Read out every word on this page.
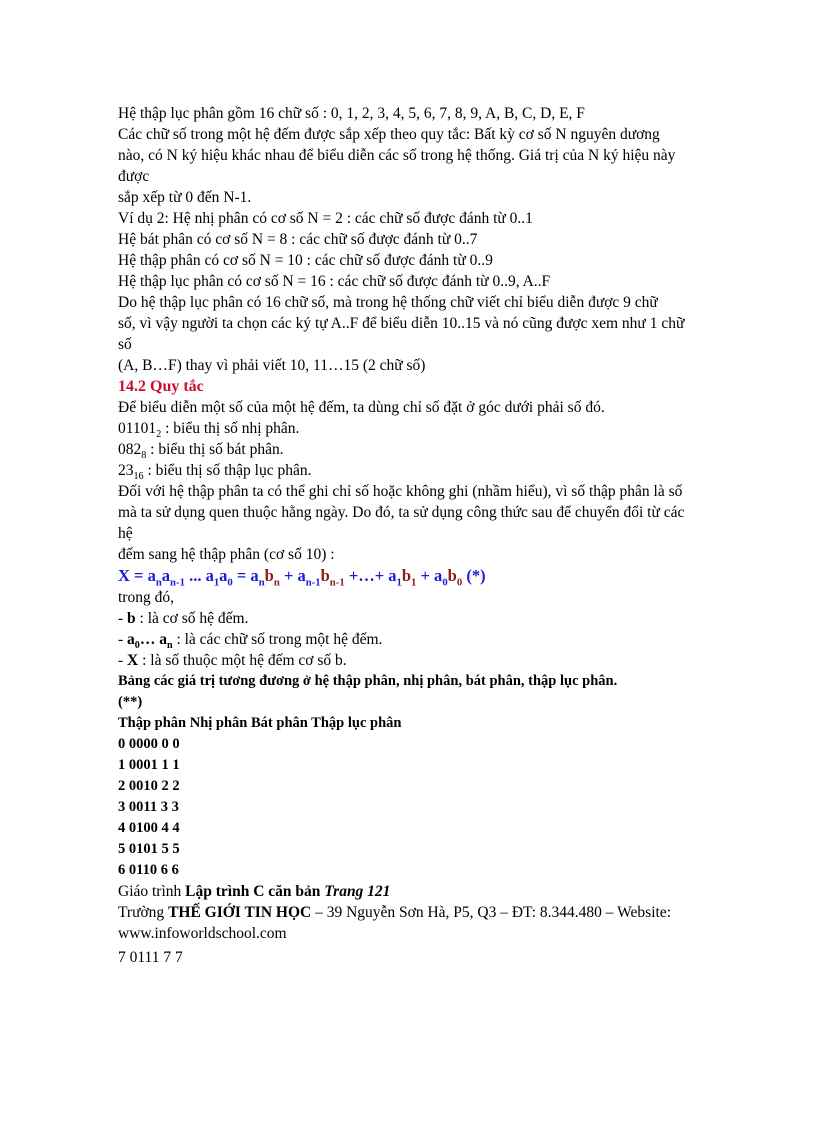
Hệ thập lục phân gồm 16 chữ số : 0, 1, 2, 3, 4, 5, 6, 7, 8, 9, A, B, C, D, E, F

Các chữ số trong một hệ đếm được sắp xếp theo quy tắc: Bất kỳ cơ số N nguyên dương

nào, có N ký hiệu khác nhau để biểu diễn các số trong hệ thống. Giá trị của N ký hiệu này được

sắp xếp từ 0 đến N-1.

Ví dụ 2: Hệ nhị phân có cơ số N = 2 : các chữ số được đánh từ 0..1

Hệ bát phân có cơ số N = 8 : các chữ số được đánh từ 0..7

Hệ thập phân có cơ số N = 10 : các chữ số được đánh từ 0..9

Hệ thập lục phân có cơ số N = 16 : các chữ số được đánh từ 0..9, A..F

Do hệ thập lục phân có 16 chữ số, mà trong hệ thống chữ viết chỉ biểu diễn được 9 chữ

số, vì vậy người ta chọn các ký tự A..F để biểu diễn 10..15 và nó cũng được xem như 1 chữ số

(A, B…F) thay vì phải viết 10, 11…15 (2 chữ số)

14.2 Quy tắc

Để biểu diễn một số của một hệ đếm, ta dùng chỉ số đặt ở góc dưới phải số đó.

$01101_2$ : biểu thị số nhị phân.

$082_8$ : biểu thị số bát phân.

$23_{16}$ : biểu thị số thập lục phân.

Đối với hệ thập phân ta có thể ghi chỉ số hoặc không ghi (nhầm hiểu), vì số thập phân là số

mà ta sử dụng quen thuộc hằng ngày. Do đó, ta sử dụng công thức sau để chuyển đổi từ các hệ

đếm sang hệ thập phân (cơ số 10) :

$X = a_na_{n-1}$ ... $a_1a_0 = a_nb_n + a_{n-1}b_{n-1}$ +…+ $a_1b_1 + a_0b_0$ (*)

trong đó,

- b : là cơ số hệ đếm.

- $a_0\dots$ $a_n$ : là các chữ số trong một hệ đếm.

- X : là số thuộc một hệ đếm cơ số b.

Bảng các giá trị tương đương ở hệ thập phân, nhị phân, bát phân, thập lục phân.

(**)

Thập phân Nhị phân Bát phân Thập lục phân

0 0000 0 0

1 0001 1 1

2 0010 2 2

3 0011 3 3

4 0100 4 4

5 0101 5 5

6 0110 6 6

Giáo trình Lập trình C căn bản Trang 121

Trường THẾ GIỚI TIN HỌC – 39 Nguyễn Sơn Hà, P5, Q3 – ĐT: 8.344.480 – Website:

www.infoworldschool.com

7 0111 7 7
